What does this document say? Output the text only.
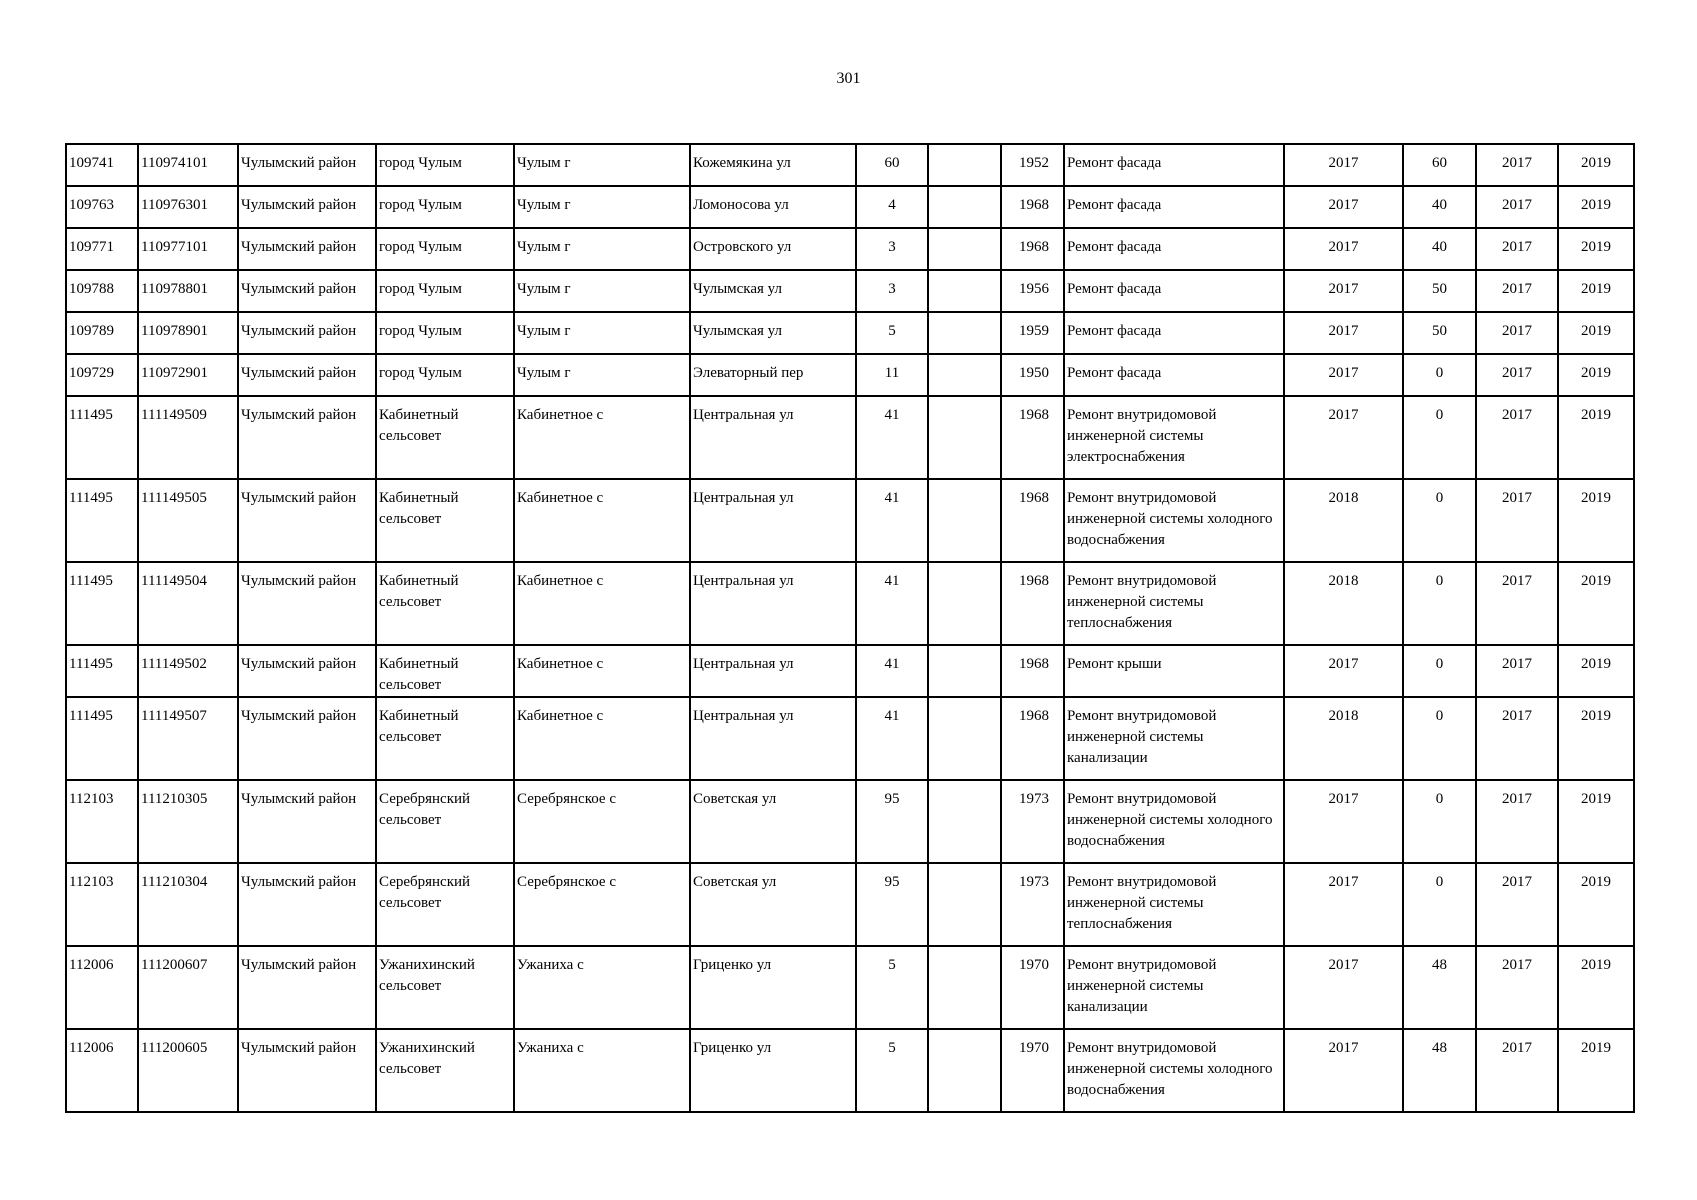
301
109741	110974101	Чулымский район	город Чулым	Чулым г	Кожемякина ул	60		1952	Ремонт фасада	2017	60	2017	2019
109763	110976301	Чулымский район	город Чулым	Чулым г	Ломоносова ул	4		1968	Ремонт фасада	2017	40	2017	2019
109771	110977101	Чулымский район	город Чулым	Чулым г	Островского ул	3		1968	Ремонт фасада	2017	40	2017	2019
109788	110978801	Чулымский район	город Чулым	Чулым г	Чулымская ул	3		1956	Ремонт фасада	2017	50	2017	2019
109789	110978901	Чулымский район	город Чулым	Чулым г	Чулымская ул	5		1959	Ремонт фасада	2017	50	2017	2019
109729	110972901	Чулымский район	город Чулым	Чулым г	Элеваторный пер	11		1950	Ремонт фасада	2017	0	2017	2019
111495	111149509	Чулымский район	Кабинетный сельсовет	Кабинетное с	Центральная ул	41		1968	Ремонт внутридомовой инженерной системы электроснабжения	2017	0	2017	2019
111495	111149505	Чулымский район	Кабинетный сельсовет	Кабинетное с	Центральная ул	41		1968	Ремонт внутридомовой инженерной системы холодного водоснабжения	2018	0	2017	2019
111495	111149504	Чулымский район	Кабинетный сельсовет	Кабинетное с	Центральная ул	41		1968	Ремонт внутридомовой инженерной системы теплоснабжения	2018	0	2017	2019
111495	111149502	Чулымский район	Кабинетный сельсовет	Кабинетное с	Центральная ул	41		1968	Ремонт крыши	2017	0	2017	2019
111495	111149507	Чулымский район	Кабинетный сельсовет	Кабинетное с	Центральная ул	41		1968	Ремонт внутридомовой инженерной системы канализации	2018	0	2017	2019
112103	111210305	Чулымский район	Серебрянский сельсовет	Серебрянское с	Советская ул	95		1973	Ремонт внутридомовой инженерной системы холодного водоснабжения	2017	0	2017	2019
112103	111210304	Чулымский район	Серебрянский сельсовет	Серебрянское с	Советская ул	95		1973	Ремонт внутридомовой инженерной системы теплоснабжения	2017	0	2017	2019
112006	111200607	Чулымский район	Ужанихинский сельсовет	Ужаниха с	Гриценко ул	5		1970	Ремонт внутридомовой инженерной системы канализации	2017	48	2017	2019
112006	111200605	Чулымский район	Ужанихинский сельсовет	Ужаниха с	Гриценко ул	5		1970	Ремонт внутридомовой инженерной системы холодного водоснабжения	2017	48	2017	2019
